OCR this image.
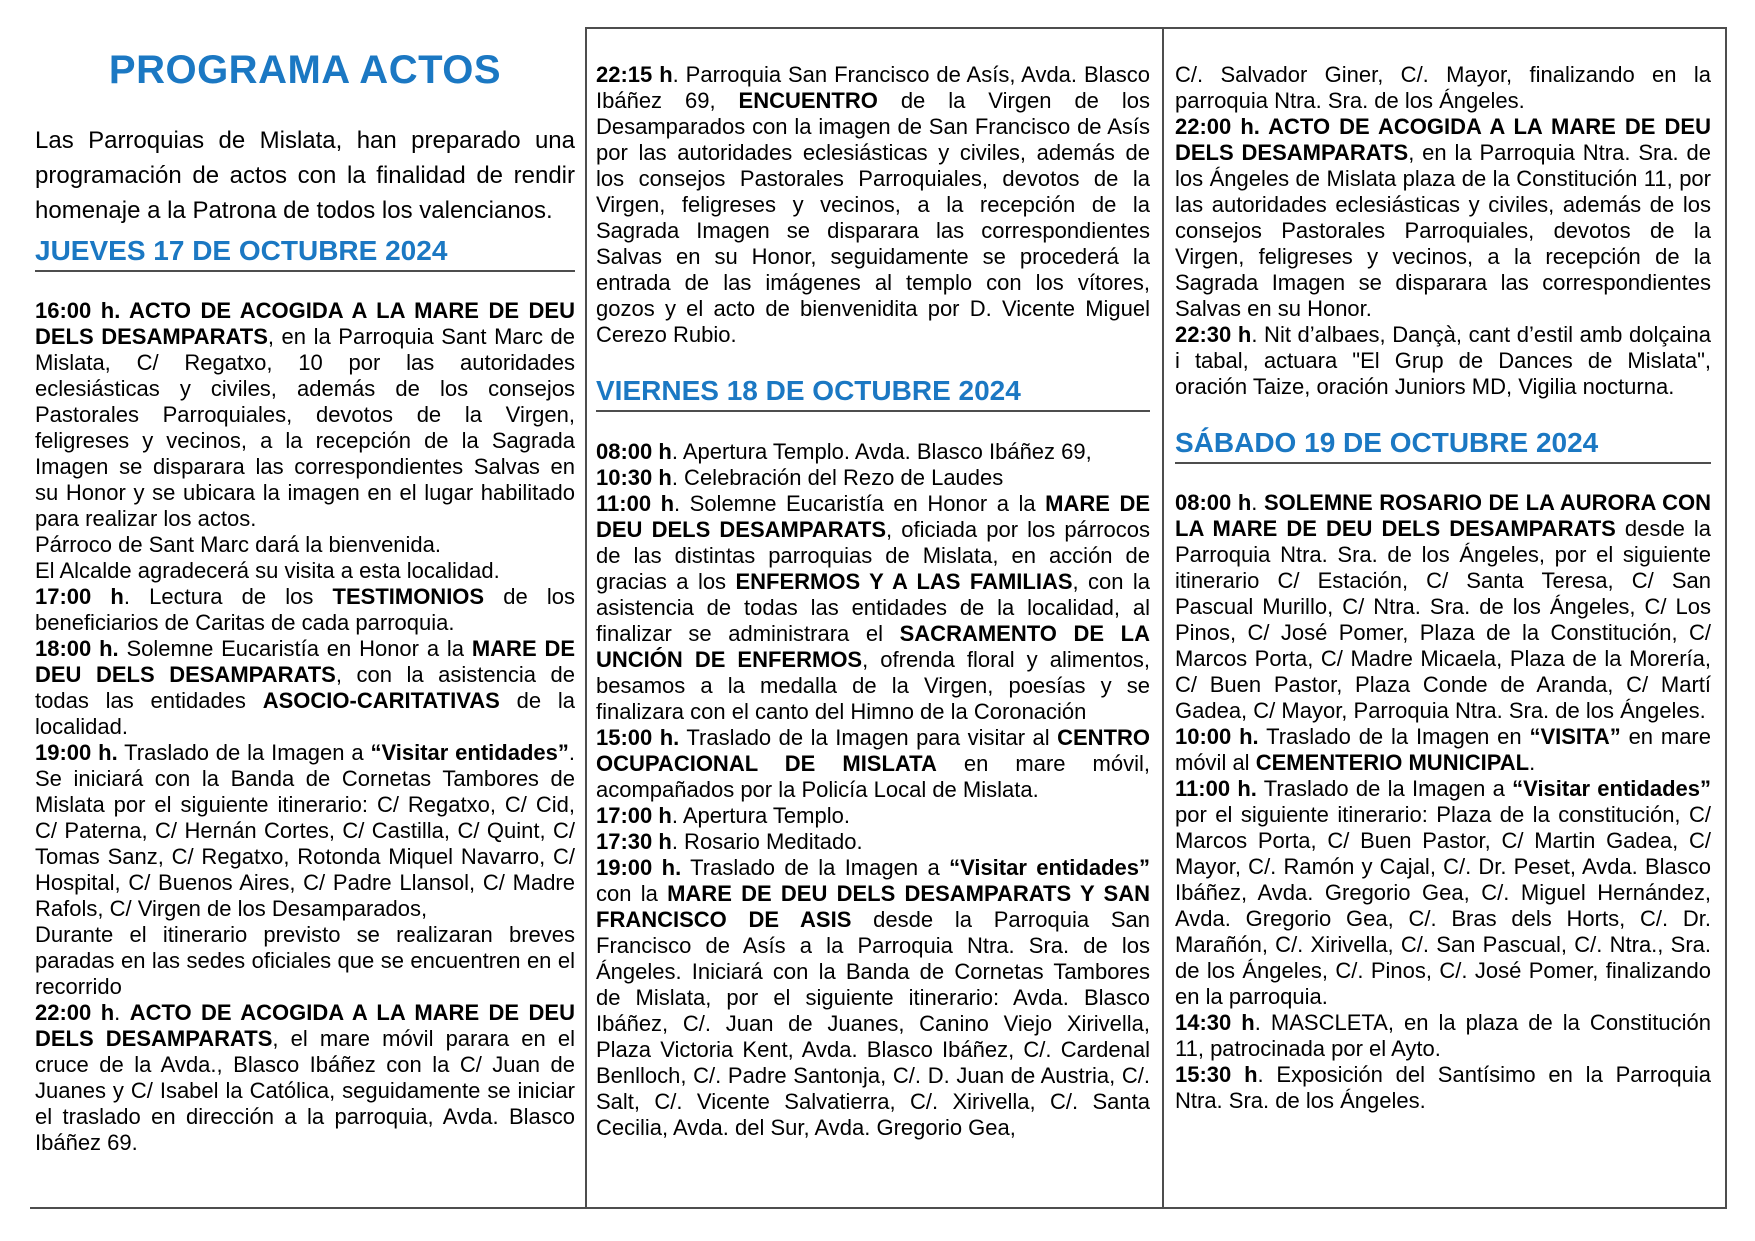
PROGRAMA ACTOS

Las Parroquias de Mislata, han preparado una programación de actos con la finalidad de rendir homenaje a la Patrona de todos los valencianos.

JUEVES 17 DE OCTUBRE 2024

16:00 h. ACTO DE ACOGIDA A LA MARE DE DEU DELS DESAMPARATS, en la Parroquia Sant Marc de Mislata, C/ Regatxo, 10 por las autoridades eclesiásticas y civiles, además de los consejos Pastorales Parroquiales, devotos de la Virgen, feligreses y vecinos, a la recepción de la Sagrada Imagen se disparara las correspondientes Salvas en su Honor y se ubicara la imagen en el lugar habilitado para realizar los actos.

Párroco de Sant Marc dará la bienvenida.

El Alcalde agradecerá su visita a esta localidad.

17:00 h. Lectura de los TESTIMONIOS de los beneficiarios de Caritas de cada parroquia.

18:00 h. Solemne Eucaristía en Honor a la MARE DE DEU DELS DESAMPARATS, con la asistencia de todas las entidades ASOCIO-CARITATIVAS de la localidad.

19:00 h. Traslado de la Imagen a “Visitar entidades”. Se iniciará con la Banda de Cornetas Tambores de Mislata por el siguiente itinerario: C/ Regatxo, C/ Cid, C/ Paterna, C/ Hernán Cortes, C/ Castilla, C/ Quint, C/ Tomas Sanz, C/ Regatxo, Rotonda Miquel Navarro, C/ Hospital, C/ Buenos Aires, C/ Padre Llansol, C/ Madre Rafols, C/ Virgen de los Desamparados,

Durante el itinerario previsto se realizaran breves paradas en las sedes oficiales que se encuentren en el recorrido

22:00 h. ACTO DE ACOGIDA A LA MARE DE DEU DELS DESAMPARATS, el mare móvil parara en el cruce de la Avda., Blasco Ibáñez con la C/ Juan de Juanes y C/ Isabel la Católica, seguidamente se iniciar el traslado en dirección a la parroquia, Avda. Blasco Ibáñez 69.

22:15 h. Parroquia San Francisco de Asís, Avda. Blasco Ibáñez 69, ENCUENTRO de la Virgen de los Desamparados con la imagen de San Francisco de Asís por las autoridades eclesiásticas y civiles, además de los consejos Pastorales Parroquiales, devotos de la Virgen, feligreses y vecinos, a la recepción de la Sagrada Imagen se disparara las correspondientes Salvas en su Honor, seguidamente se procederá la entrada de las imágenes al templo con los vítores, gozos y el acto de bienvenidita por D. Vicente Miguel Cerezo Rubio.

VIERNES 18 DE OCTUBRE 2024

08:00 h. Apertura Templo. Avda. Blasco Ibáñez 69,

10:30 h. Celebración del Rezo de Laudes

11:00 h. Solemne Eucaristía en Honor a la MARE DE DEU DELS DESAMPARATS, oficiada por los párrocos de las distintas parroquias de Mislata, en acción de gracias a los ENFERMOS Y A LAS FAMILIAS, con la asistencia de todas las entidades de la localidad, al finalizar se administrara el SACRAMENTO DE LA UNCIÓN DE ENFERMOS, ofrenda floral y alimentos, besamos a la medalla de la Virgen, poesías y se finalizara con el canto del Himno de la Coronación

15:00 h. Traslado de la Imagen para visitar al CENTRO OCUPACIONAL DE MISLATA en mare móvil, acompañados por la Policía Local de Mislata.

17:00 h. Apertura Templo.

17:30 h. Rosario Meditado.

19:00 h. Traslado de la Imagen a “Visitar entidades” con la MARE DE DEU DELS DESAMPARATS Y SAN FRANCISCO DE ASIS desde la Parroquia San Francisco de Asís a la Parroquia Ntra. Sra. de los Ángeles. Iniciará con la Banda de Cornetas Tambores de Mislata, por el siguiente itinerario: Avda. Blasco Ibáñez, C/. Juan de Juanes, Canino Viejo Xirivella, Plaza Victoria Kent, Avda. Blasco Ibáñez, C/. Cardenal Benlloch, C/. Padre Santonja, C/. D. Juan de Austria, C/. Salt, C/. Vicente Salvatierra, C/. Xirivella, C/. Santa Cecilia, Avda. del Sur, Avda. Gregorio Gea,

C/. Salvador Giner, C/. Mayor, finalizando en la parroquia Ntra. Sra. de los Ángeles.

22:00 h. ACTO DE ACOGIDA A LA MARE DE DEU DELS DESAMPARATS, en la Parroquia Ntra. Sra. de los Ángeles de Mislata plaza de la Constitución 11, por las autoridades eclesiásticas y civiles, además de los consejos Pastorales Parroquiales, devotos de la Virgen, feligreses y vecinos, a la recepción de la Sagrada Imagen se disparara las correspondientes Salvas en su Honor.

22:30 h. Nit d’albaes, Dançà, cant d’estil amb dolçaina i tabal, actuara "El Grup de Dances de Mislata", oración Taize, oración Juniors MD, Vigilia nocturna.

SÁBADO 19 DE OCTUBRE 2024

08:00 h. SOLEMNE ROSARIO DE LA AURORA CON LA MARE DE DEU DELS DESAMPARATS desde la Parroquia Ntra. Sra. de los Ángeles, por el siguiente itinerario C/ Estación, C/ Santa Teresa, C/ San Pascual Murillo, C/ Ntra. Sra. de los Ángeles, C/ Los Pinos, C/ José Pomer, Plaza de la Constitución, C/ Marcos Porta, C/ Madre Micaela, Plaza de la Morería, C/ Buen Pastor, Plaza Conde de Aranda, C/ Martí Gadea, C/ Mayor, Parroquia Ntra. Sra. de los Ángeles.

10:00 h. Traslado de la Imagen en “VISITA” en mare móvil al CEMENTERIO MUNICIPAL.

11:00 h. Traslado de la Imagen a “Visitar entidades” por el siguiente itinerario: Plaza de la constitución, C/ Marcos Porta, C/ Buen Pastor, C/ Martin Gadea, C/ Mayor, C/. Ramón y Cajal, C/. Dr. Peset, Avda. Blasco Ibáñez, Avda. Gregorio Gea, C/. Miguel Hernández, Avda. Gregorio Gea, C/. Bras dels Horts, C/. Dr. Marañón, C/. Xirivella, C/. San Pascual, C/. Ntra., Sra. de los Ángeles, C/. Pinos, C/. José Pomer, finalizando en la parroquia.

14:30 h. MASCLETA, en la plaza de la Constitución 11, patrocinada por el Ayto.

15:30 h. Exposición del Santísimo en la Parroquia Ntra. Sra. de los Ángeles.
